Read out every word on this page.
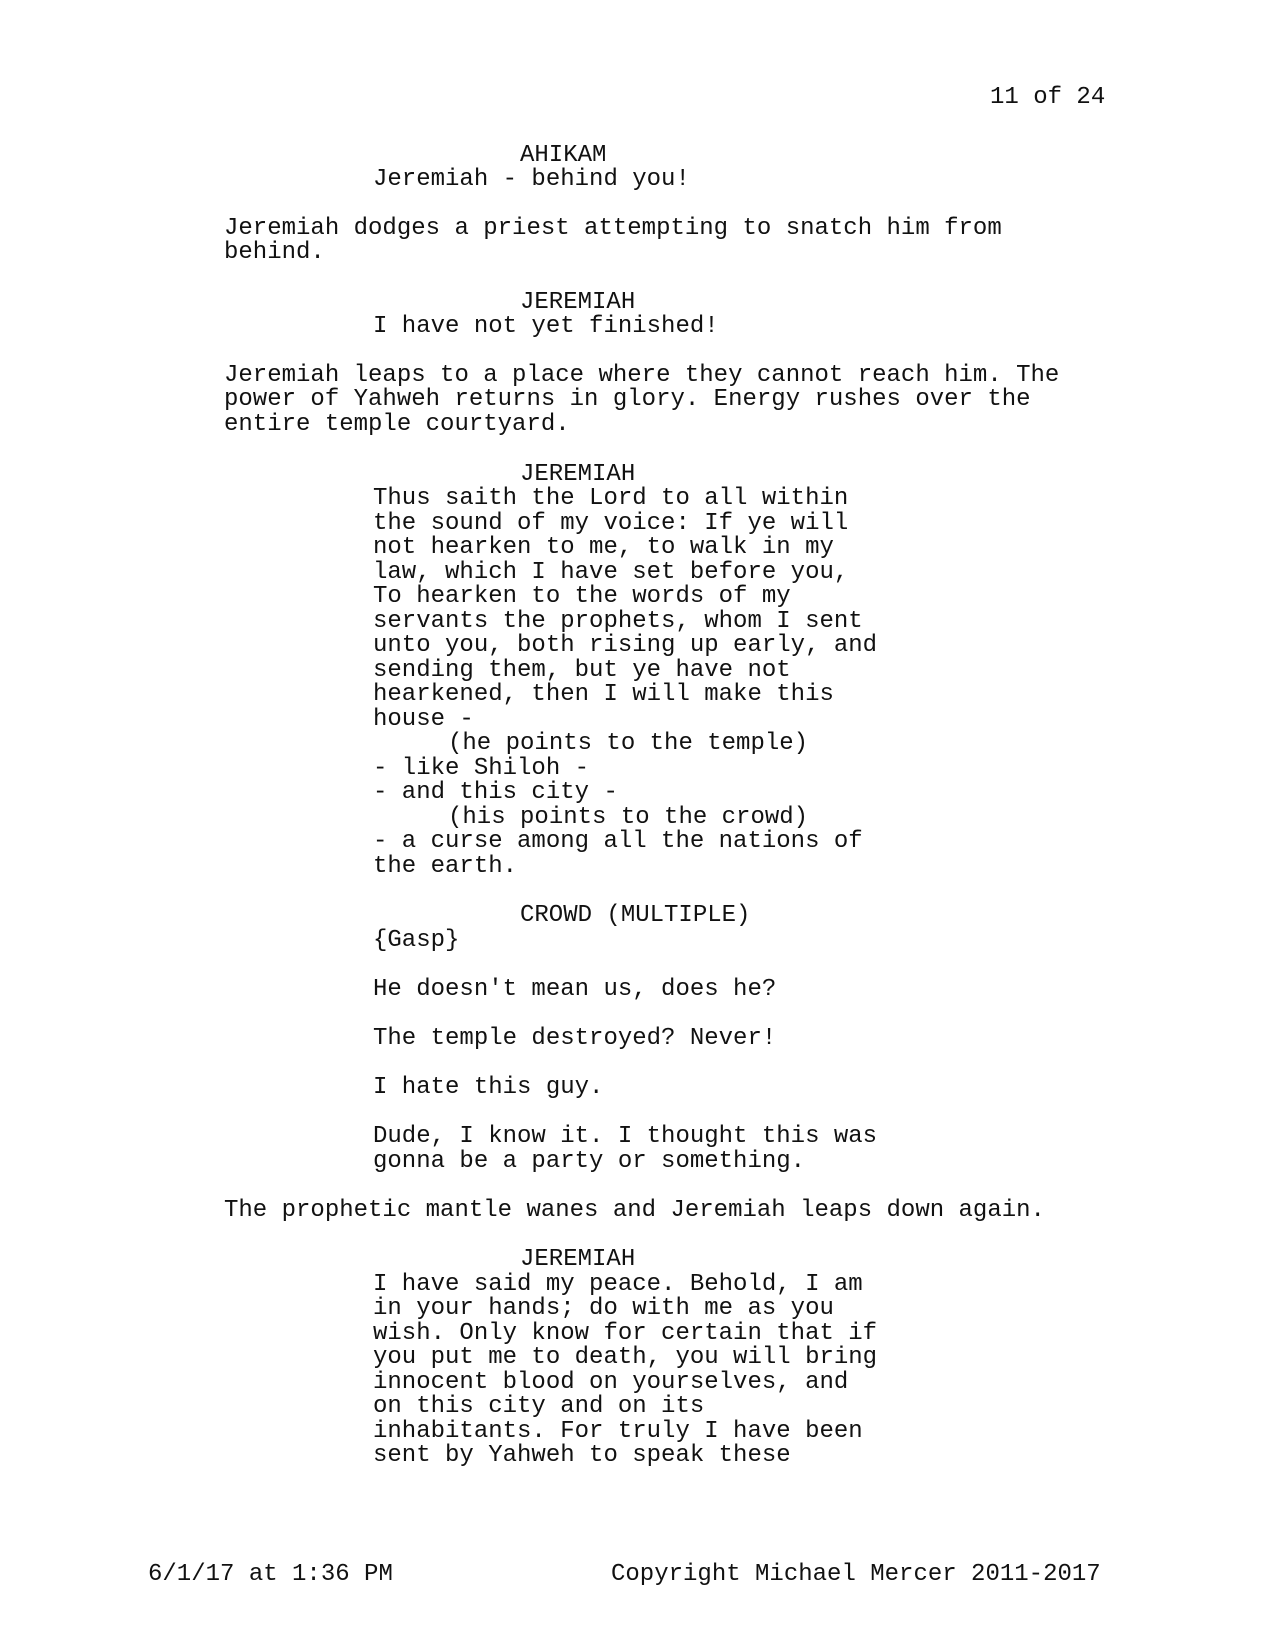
11 of 24
AHIKAM
Jeremiah - behind you!
Jeremiah dodges a priest attempting to snatch him from
behind.
JEREMIAH
I have not yet finished!
Jeremiah leaps to a place where they cannot reach him. The
power of Yahweh returns in glory. Energy rushes over the
entire temple courtyard.
JEREMIAH
Thus saith the Lord to all within
the sound of my voice: If ye will
not hearken to me, to walk in my
law, which I have set before you,
To hearken to the words of my
servants the prophets, whom I sent
unto you, both rising up early, and
sending them, but ye have not
hearkened, then I will make this
house -
(he points to the temple)
- like Shiloh -
- and this city -
(his points to the crowd)
- a curse among all the nations of
the earth.
CROWD (MULTIPLE)
{Gasp}
He doesn't mean us, does he?
The temple destroyed? Never!
I hate this guy.
Dude, I know it. I thought this was
gonna be a party or something.
The prophetic mantle wanes and Jeremiah leaps down again.
JEREMIAH
I have said my peace. Behold, I am
in your hands; do with me as you
wish. Only know for certain that if
you put me to death, you will bring
innocent blood on yourselves, and
on this city and on its
inhabitants. For truly I have been
sent by Yahweh to speak these
6/1/17 at 1:36 PM	Copyright Michael Mercer 2011-2017
